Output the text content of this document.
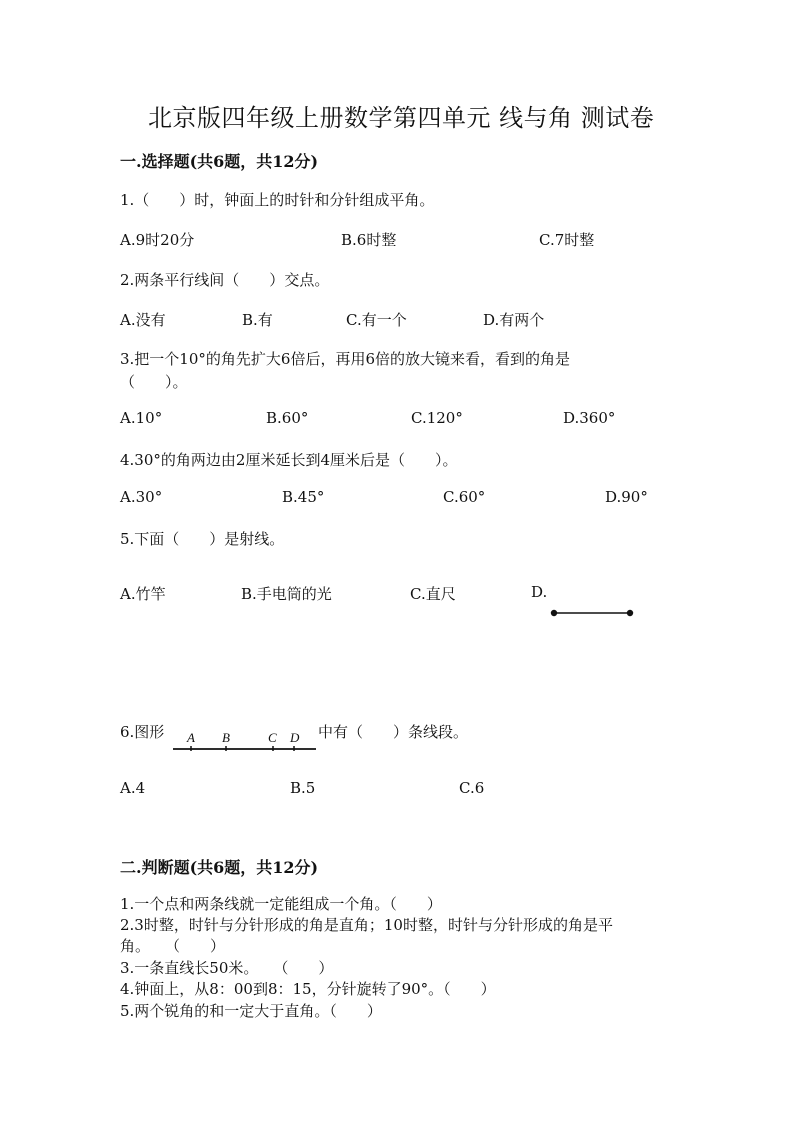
北京版四年级上册数学第四单元 线与角 测试卷
一.选择题(共6题，共12分)
1.（　　）时，钟面上的时针和分针组成平角。
A.9时20分	B.6时整	C.7时整
2.两条平行线间（　　）交点。
A.没有	B.有	C.有一个	D.有两个
3.把一个10°的角先扩大6倍后，再用6倍的放大镜来看，看到的角是
（　　）。
A.10°	B.60°	C.120°	D.360°
4.30°的角两边由2厘米延长到4厘米后是（　　）。
A.30°	B.45°	C.60°	D.90°
5.下面（　　）是射线。
A.竹竿	B.手电筒的光	C.直尺	D.
6.图形 A B	C D 中有（　　）条线段。
A.4	B.5	C.6
二.判断题(共6题，共12分)
1.一个点和两条线就一定能组成一个角。（　　）
2.3时整，时针与分针形成的角是直角；10时整，时针与分针形成的角是平
角。　　（　　）
3.一条直线长50米。　　（　　）
4.钟面上，从8：00到8：15，分针旋转了90°。（　　）
5.两个锐角的和一定大于直角。（　　）
